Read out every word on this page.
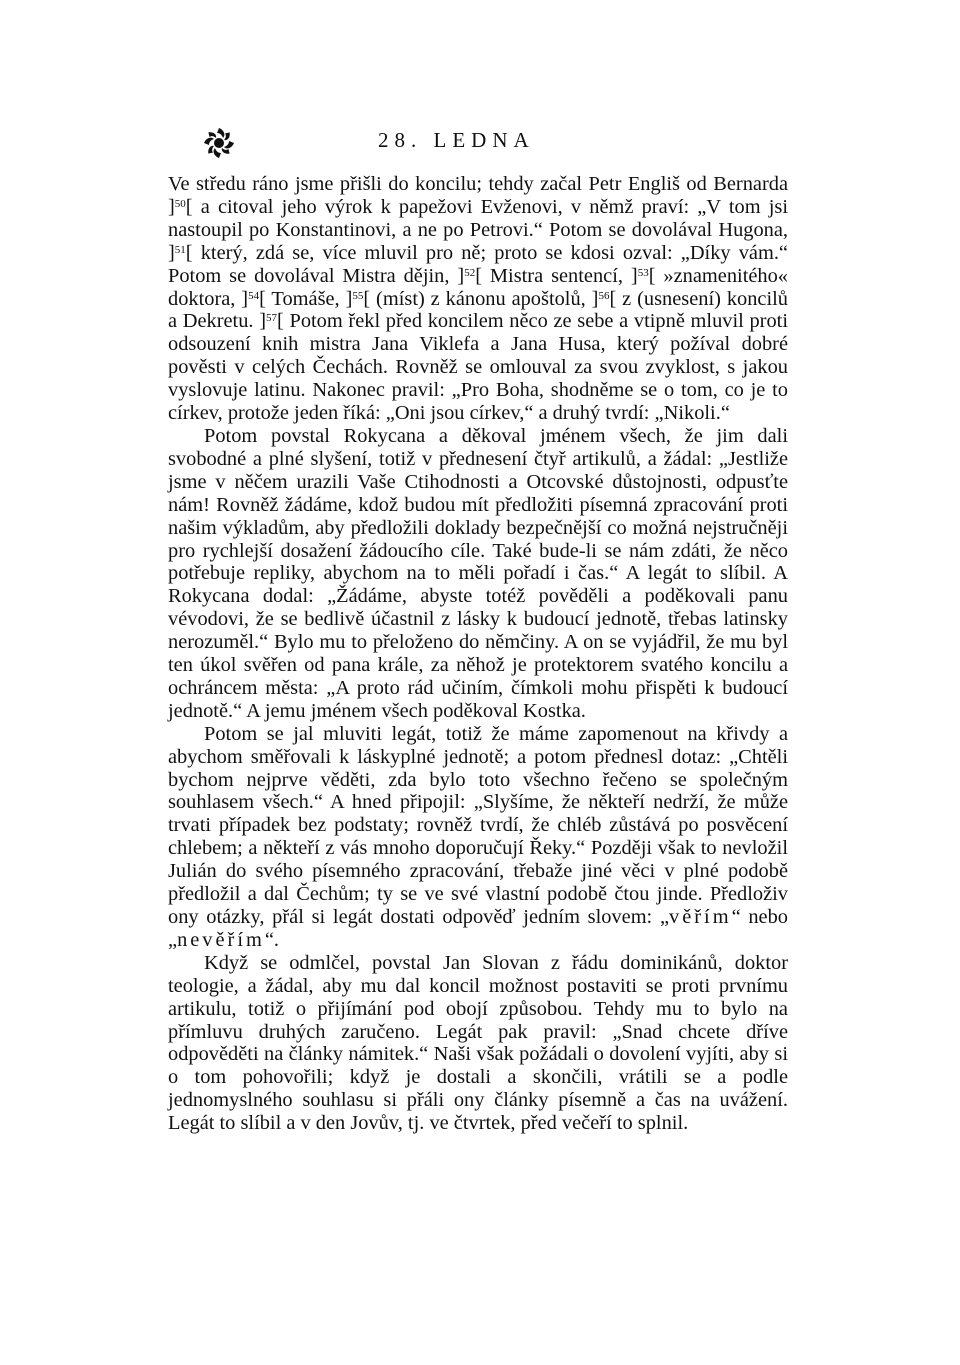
28. LEDNA

Ve středu ráno jsme přišli do koncilu; tehdy začal Petr Engliš od Bernarda ]$^{50}$[ a citoval jeho výrok k papežovi Evženovi, v němž praví: „V tom jsi nastoupil po Konstantinovi, a ne po Petrovi.“ Potom se dovolával Hugona, ]$^{51}$[ který, zdá se, více mluvil pro ně; proto se kdosi ozval: „Díky vám.“ Potom se dovolával Mistra dějin, ]$^{52}$[ Mistra sentencí, ]$^{53}$[ »znamenitého« doktora, ]$^{54}$[ Tomáše, ]$^{55}$[ (míst) z kánonu apoštolů, ]$^{56}$[ z (usnesení) koncilů a Dekretu. ]$^{57}$[ Potom řekl před koncilem něco ze sebe a vtipně mluvil proti odsouzení knih mistra Jana Viklefa a Jana Husa, který požíval dobré pověsti v celých Čechách. Rovněž se omlouval za svou zvyklost, s jakou vyslovuje latinu. Nakonec pravil: „Pro Boha, shodněme se o tom, co je to církev, protože jeden říká: „Oni jsou církev,“ a druhý tvrdí: „Nikoli.“

Potom povstal Rokycana a děkoval jménem všech, že jim dali svobodné a plné slyšení, totiž v přednesení čtyř artikulů, a žádal: „Jestliže jsme v něčem urazili Vaše Ctihodnosti a Otcovské důstojnosti, odpusťte nám! Rovněž žádáme, kdož budou mít předložiti písemná zpracování proti našim výkladům, aby předložili doklady bezpečnější co možná nejstručněji pro rychlejší dosažení žádoucího cíle. Také bude-li se nám zdáti, že něco potřebuje repliky, abychom na to měli pořadí i čas.“ A legát to slíbil. A Rokycana dodal: „Žádáme, abyste totéž pověděli a poděkovali panu vévodovi, že se bedlivě účastnil z lásky k budoucí jednotě, třebas latinsky nerozuměl.“ Bylo mu to přeloženo do němčiny. A on se vyjádřil, že mu byl ten úkol svěřen od pana krále, za něhož je protektorem svatého koncilu a ochráncem města: „A proto rád učiním, čímkoli mohu přispěti k budoucí jednotě.“ A jemu jménem všech poděkoval Kostka.

Potom se jal mluviti legát, totiž že máme zapomenout na křivdy a abychom směřovali k láskyplné jednotě; a potom přednesl dotaz: „Chtěli bychom nejprve věděti, zda bylo toto všechno řečeno se společným souhlasem všech.“ A hned připojil: „Slyšíme, že někteří nedrží, že může trvati případek bez podstaty; rovněž tvrdí, že chléb zůstává po posvěcení chlebem; a někteří z vás mnoho doporučují Řeky.“ Později však to nevložil Julián do svého písemného zpracování, třebaže jiné věci v plné podobě předložil a dal Čechům; ty se ve své vlastní podobě čtou jinde. Předloživ ony otázky, přál si legát dostati odpověď jedním slovem: „věřím“ nebo „nevěřím“.

Když se odmlčel, povstal Jan Slovan z řádu dominikánů, doktor teologie, a žádal, aby mu dal koncil možnost postaviti se proti prvnímu artikulu, totiž o přijímání pod obojí způsobou. Tehdy mu to bylo na přímluvu druhých zaručeno. Legát pak pravil: „Snad chcete dříve odpověděti na články námitek.“ Naši však požádali o dovolení vyjíti, aby si o tom pohovořili; když je dostali a skončili, vrátili se a podle jednomyslného souhlasu si přáli ony články písemně a čas na uvážení. Legát to slíbil a v den Jovův, tj. ve čtvrtek, před večeří to splnil.
